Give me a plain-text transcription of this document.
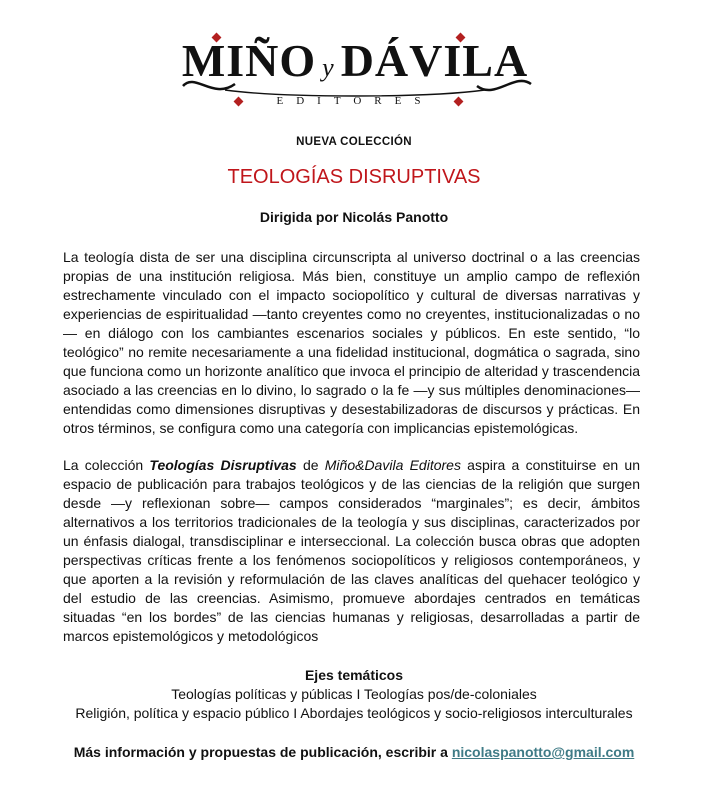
MIÑO y DÁVILA
EDITORES
NUEVA COLECCIÓN
TEOLOGÍAS DISRUPTIVAS
Dirigida por Nicolás Panotto

La teología dista de ser una disciplina circunscripta al universo doctrinal o a las creencias propias de una institución religiosa. Más bien, constituye un amplio campo de reflexión estrechamente vinculado con el impacto sociopolítico y cultural de diversas narrativas y experiencias de espiritualidad —tanto creyentes como no creyentes, institucionalizadas o no— en diálogo con los cambiantes escenarios sociales y públicos. En este sentido, “lo teológico” no remite necesariamente a una fidelidad institucional, dogmática o sagrada, sino que funciona como un horizonte analítico que invoca el principio de alteridad y trascendencia asociado a las creencias en lo divino, lo sagrado o la fe —y sus múltiples denominaciones— entendidas como dimensiones disruptivas y desestabilizadoras de discursos y prácticas. En otros términos, se configura como una categoría con implicancias epistemológicas.

La colección Teologías Disruptivas de Miño&Davila Editores aspira a constituirse en un espacio de publicación para trabajos teológicos y de las ciencias de la religión que surgen desde —y reflexionan sobre— campos considerados “marginales”; es decir, ámbitos alternativos a los territorios tradicionales de la teología y sus disciplinas, caracterizados por un énfasis dialogal, transdisciplinar e interseccional. La colección busca obras que adopten perspectivas críticas frente a los fenómenos sociopolíticos y religiosos contemporáneos, y que aporten a la revisión y reformulación de las claves analíticas del quehacer teológico y del estudio de las creencias. Asimismo, promueve abordajes centrados en temáticas situadas “en los bordes” de las ciencias humanas y religiosas, desarrolladas a partir de marcos epistemológicos y metodológicos

Ejes temáticos
Teologías políticas y públicas I Teologías pos/de-coloniales
Religión, política y espacio público I Abordajes teológicos y socio-religiosos interculturales
Más información y propuestas de publicación, escribir a nicolaspanotto@gmail.com
